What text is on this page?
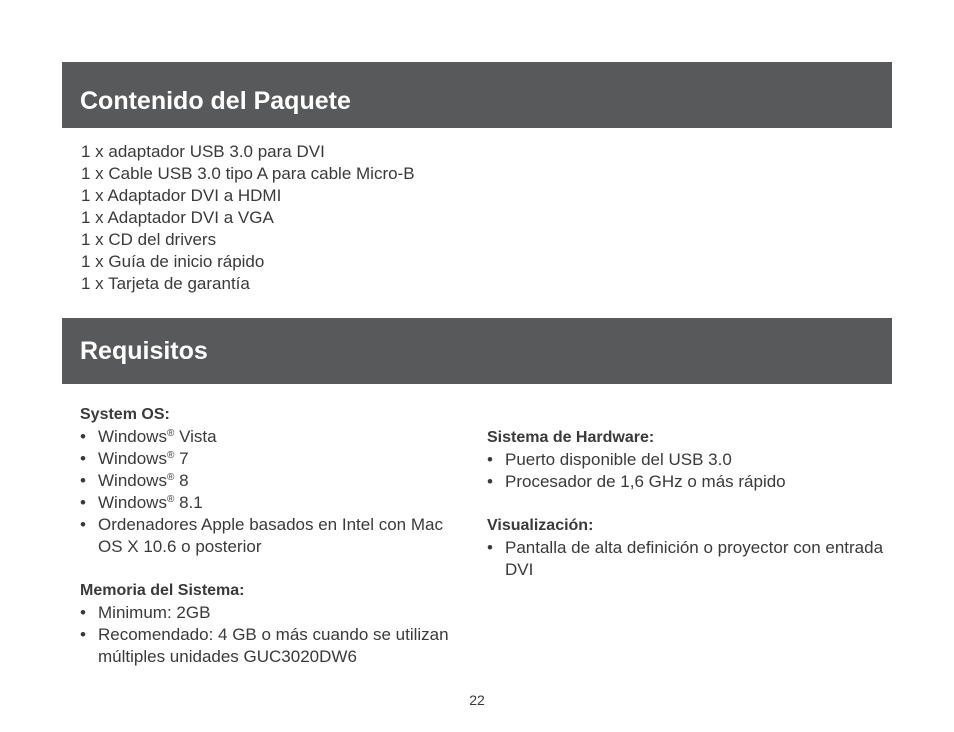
Contenido del Paquete
1 x adaptador USB 3.0 para DVI
1 x Cable USB 3.0 tipo A para cable Micro-B
1 x Adaptador DVI a HDMI
1 x Adaptador DVI a VGA
1 x CD del drivers
1 x Guía de inicio rápido
1 x Tarjeta de garantía
Requisitos
System OS:
• Windows® Vista
• Windows® 7
• Windows® 8
• Windows® 8.1
• Ordenadores Apple basados en Intel con Mac OS X 10.6 o posterior
Memoria del Sistema:
• Minimum: 2GB
• Recomendado: 4 GB o más cuando se utilizan múltiples unidades GUC3020DW6
Sistema de Hardware:
• Puerto disponible del USB 3.0
• Procesador de 1,6 GHz o más rápido
Visualización:
• Pantalla de alta definición o proyector con entrada DVI
22
